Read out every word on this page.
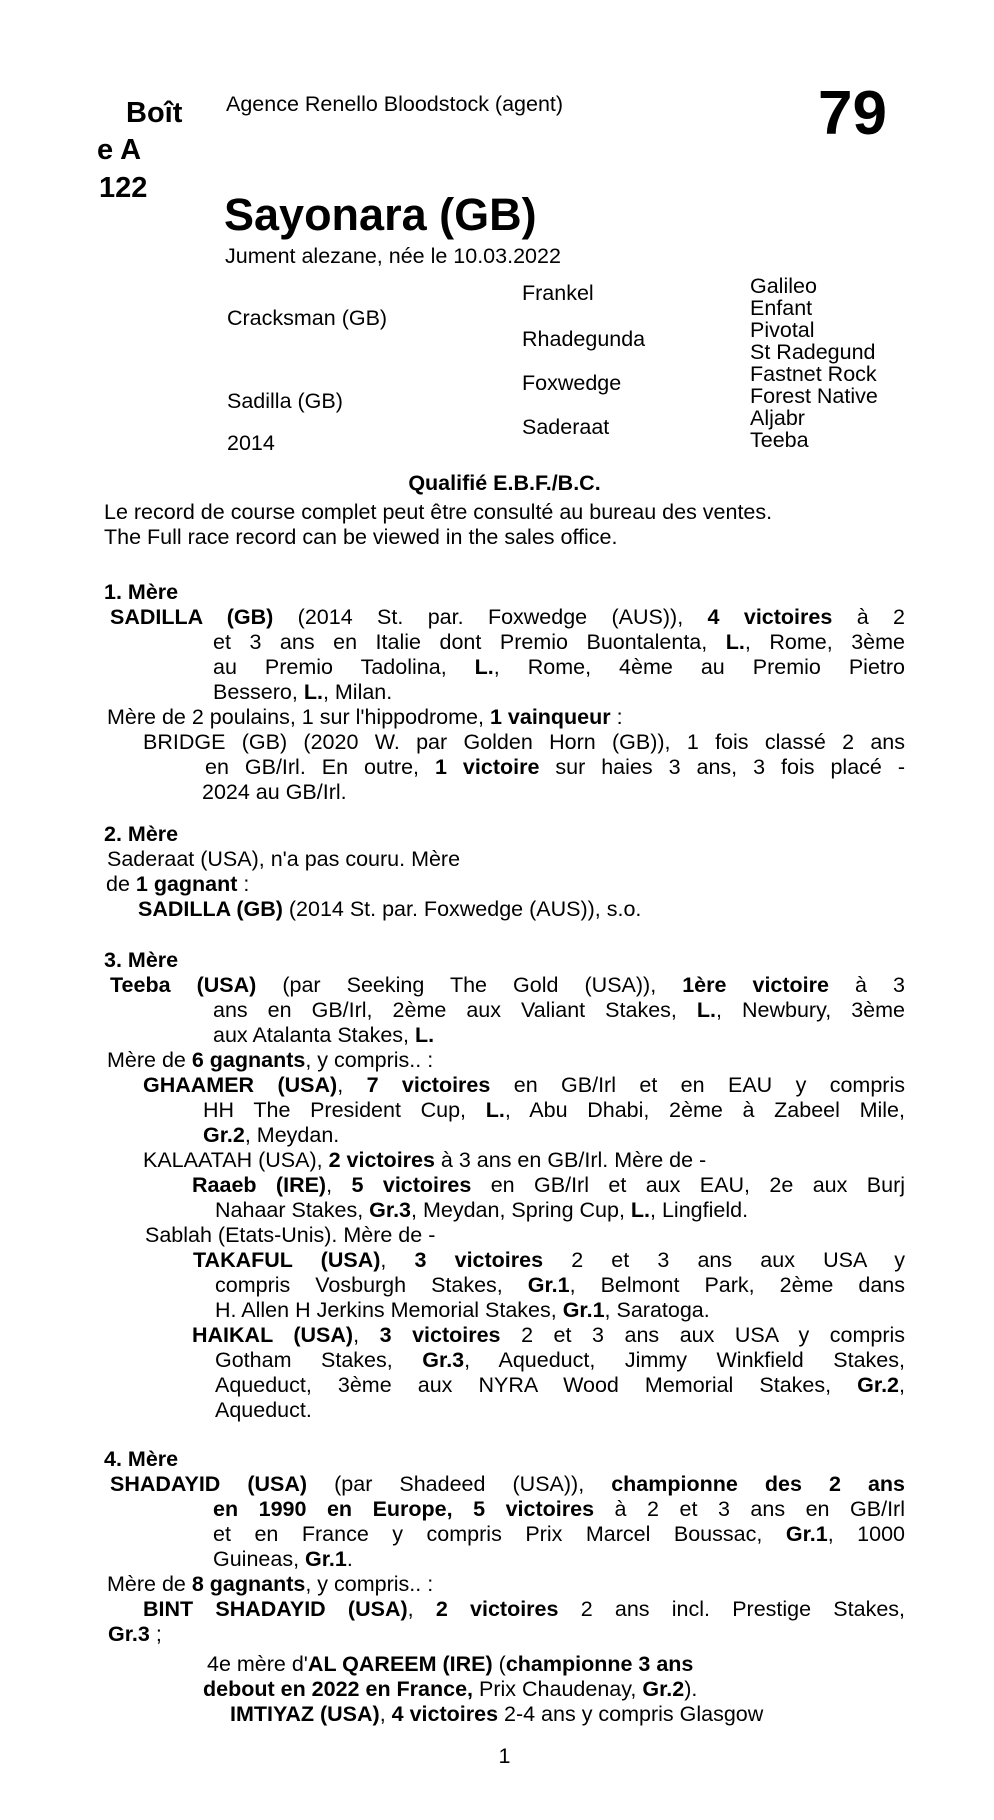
Boît
e A
122
Agence Renello Bloodstock (agent)	79
Sayonara (GB)
Jument alezane, née le 10.03.2022
Cracksman (GB)
Sadilla (GB)
2014
Frankel
Rhadegunda
Foxwedge
Saderaat
Galileo
Enfant
Pivotal
St Radegund
Fastnet Rock
Forest Native
Aljabr
Teeba
Qualifié E.B.F./B.C.
Le record de course complet peut être consulté au bureau des ventes.
The Full race record can be viewed in the sales office.
1. Mère
SADILLA (GB) (2014 St. par. Foxwedge (AUS)), 4 victoires à 2
et 3 ans en Italie dont Premio Buontalenta, L., Rome, 3ème
au Premio Tadolina, L., Rome, 4ème au Premio Pietro
Bessero, L., Milan.
Mère de 2 poulains, 1 sur l'hippodrome, 1 vainqueur :
BRIDGE (GB) (2020 W. par Golden Horn (GB)), 1 fois classé 2 ans
en GB/Irl. En outre, 1 victoire sur haies 3 ans, 3 fois placé -
2024 au GB/Irl.
2. Mère
Saderaat (USA), n'a pas couru. Mère
de 1 gagnant :
SADILLA (GB) (2014 St. par. Foxwedge (AUS)), s.o.
3. Mère
Teeba (USA) (par Seeking The Gold (USA)), 1ère victoire à 3
ans en GB/Irl, 2ème aux Valiant Stakes, L., Newbury, 3ème
aux Atalanta Stakes, L.
Mère de 6 gagnants, y compris.. :
GHAAMER (USA), 7 victoires en GB/Irl et en EAU y compris
HH The President Cup, L., Abu Dhabi, 2ème à Zabeel Mile,
Gr.2, Meydan.
KALAATAH (USA), 2 victoires à 3 ans en GB/Irl. Mère de -
Raaeb (IRE), 5 victoires en GB/Irl et aux EAU, 2e aux Burj
Nahaar Stakes, Gr.3, Meydan, Spring Cup, L., Lingfield.
Sablah (Etats-Unis). Mère de -
TAKAFUL (USA), 3 victoires 2 et 3 ans aux USA y
compris Vosburgh Stakes, Gr.1, Belmont Park, 2ème dans
H. Allen H Jerkins Memorial Stakes, Gr.1, Saratoga.
HAIKAL (USA), 3 victoires 2 et 3 ans aux USA y compris
Gotham Stakes, Gr.3, Aqueduct, Jimmy Winkfield Stakes,
Aqueduct, 3ème aux NYRA Wood Memorial Stakes, Gr.2,
Aqueduct.
4. Mère
SHADAYID (USA) (par Shadeed (USA)), championne des 2 ans
en 1990 en Europe, 5 victoires à 2 et 3 ans en GB/Irl
et en France y compris Prix Marcel Boussac, Gr.1, 1000
Guineas, Gr.1.
Mère de 8 gagnants, y compris.. :
BINT SHADAYID (USA), 2 victoires 2 ans incl. Prestige Stakes,
Gr.3 ;
4e mère d'AL QAREEM (IRE) (championne 3 ans
debout en 2022 en France, Prix Chaudenay, Gr.2).
IMTIYAZ (USA), 4 victoires 2-4 ans y compris Glasgow
1
